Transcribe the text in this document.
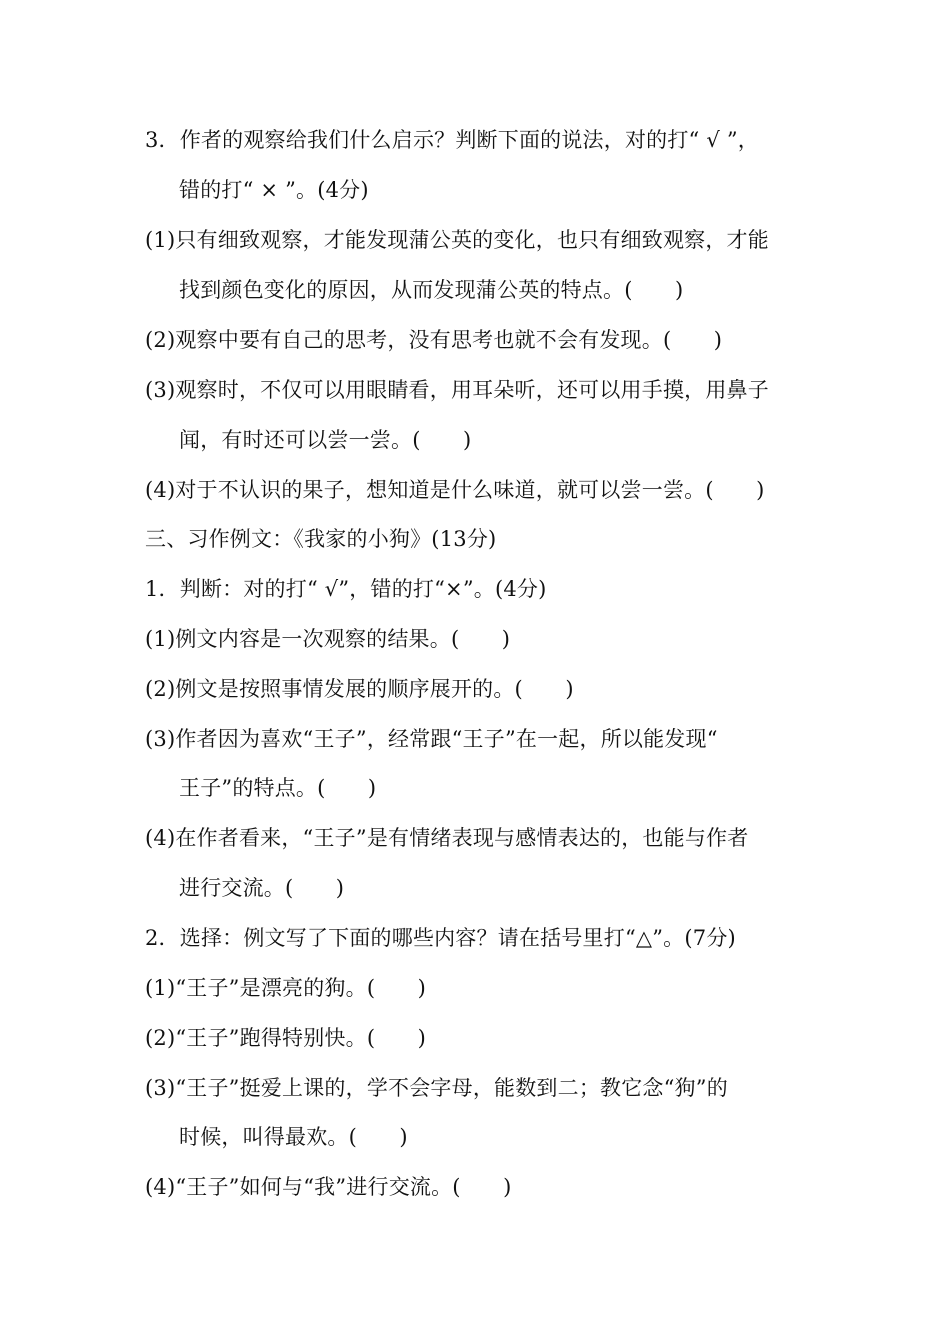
3．作者的观察给我们什么启示？判断下面的说法，对的打“ √ ”，
错的打“ × ”。(4分)
(1)只有细致观察，才能发现蒲公英的变化，也只有细致观察，才能
找到颜色变化的原因，从而发现蒲公英的特点。(　　)
(2)观察中要有自己的思考，没有思考也就不会有发现。(　　)
(3)观察时，不仅可以用眼睛看，用耳朵听，还可以用手摸，用鼻子
闻，有时还可以尝一尝。(　　)
(4)对于不认识的果子，想知道是什么味道，就可以尝一尝。(　　)
三、习作例文：《我家的小狗》(13分)
1．判断：对的打“ √”，错的打“×”。(4分)
(1)例文内容是一次观察的结果。(　　)
(2)例文是按照事情发展的顺序展开的。(　　)
(3)作者因为喜欢“王子”，经常跟“王子”在一起，所以能发现“
王子”的特点。(　　)
(4)在作者看来，“王子”是有情绪表现与感情表达的，也能与作者
进行交流。(　　)
2．选择：例文写了下面的哪些内容？请在括号里打“△”。(7分)
(1)“王子”是漂亮的狗。(　　)
(2)“王子”跑得特别快。(　　)
(3)“王子”挺爱上课的，学不会字母，能数到二；教它念“狗”的
时候，叫得最欢。(　　)
(4)“王子”如何与“我”进行交流。(　　)
